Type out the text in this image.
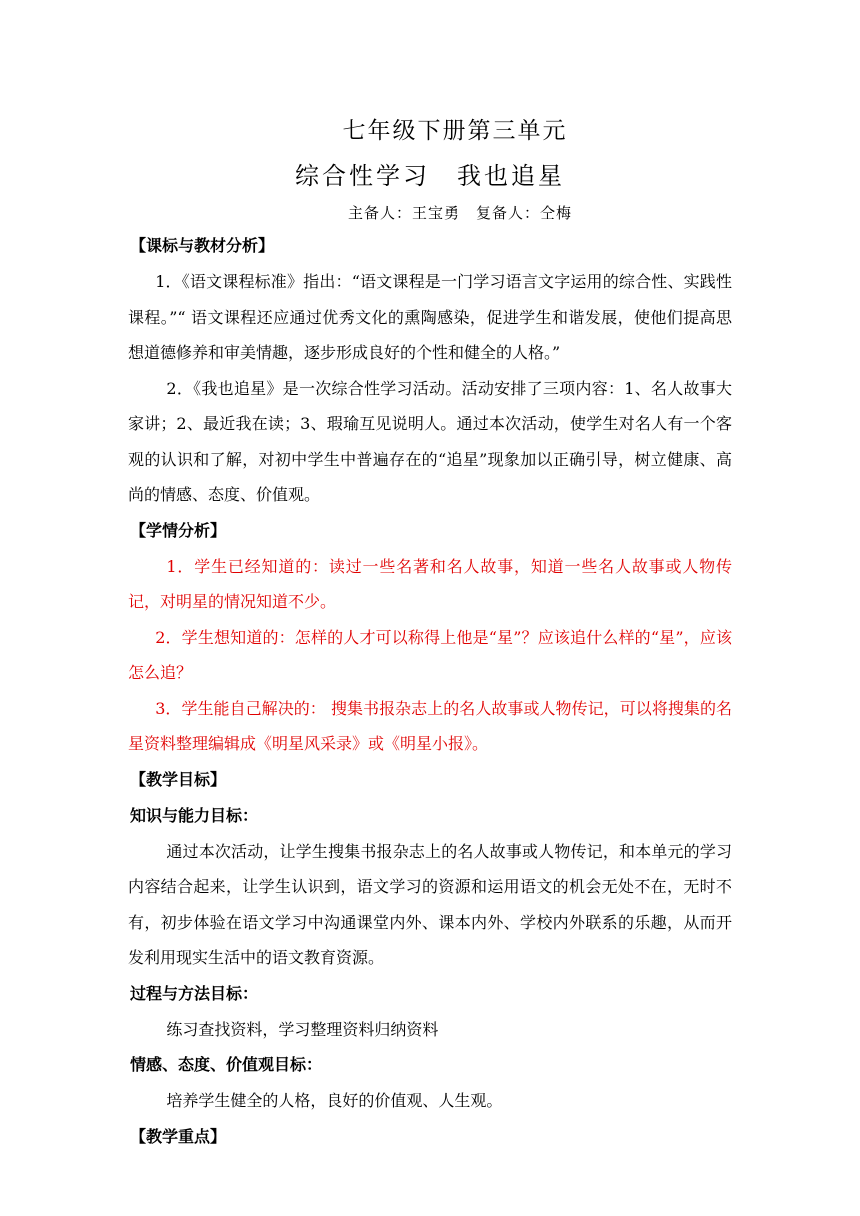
七年级下册第三单元
综合性学习　我也追星
主备人：王宝勇　复备人：仝梅
【课标与教材分析】

1．《语文课程标准》指出：“语文课程是一门学习语言文字运用的综合性、实践性课程。”“ 语文课程还应通过优秀文化的熏陶感染，促进学生和谐发展，使他们提高思想道德修养和审美情趣，逐步形成良好的个性和健全的人格。”

2．《我也追星》是一次综合性学习活动。活动安排了三项内容：1、名人故事大家讲；2、最近我在读；3、瑕瑜互见说明人。通过本次活动，使学生对名人有一个客观的认识和了解，对初中学生中普遍存在的“追星”现象加以正确引导，树立健康、高尚的情感、态度、价值观。

【学情分析】

1．学生已经知道的：读过一些名著和名人故事，知道一些名人故事或人物传记，对明星的情况知道不少。

2．学生想知道的：怎样的人才可以称得上他是“星”？应该追什么样的“星”，应该怎么追？

3．学生能自己解决的： 搜集书报杂志上的名人故事或人物传记，可以将搜集的名星资料整理编辑成《明星风采录》或《明星小报》。

【教学目标】
知识与能力目标：

通过本次活动，让学生搜集书报杂志上的名人故事或人物传记，和本单元的学习内容结合起来，让学生认识到，语文学习的资源和运用语文的机会无处不在，无时不有，初步体验在语文学习中沟通课堂内外、课本内外、学校内外联系的乐趣，从而开发利用现实生活中的语文教育资源。

过程与方法目标：

练习查找资料，学习整理资料归纳资料

情感、态度、价值观目标：

培养学生健全的人格，良好的价值观、人生观。

【教学重点】
